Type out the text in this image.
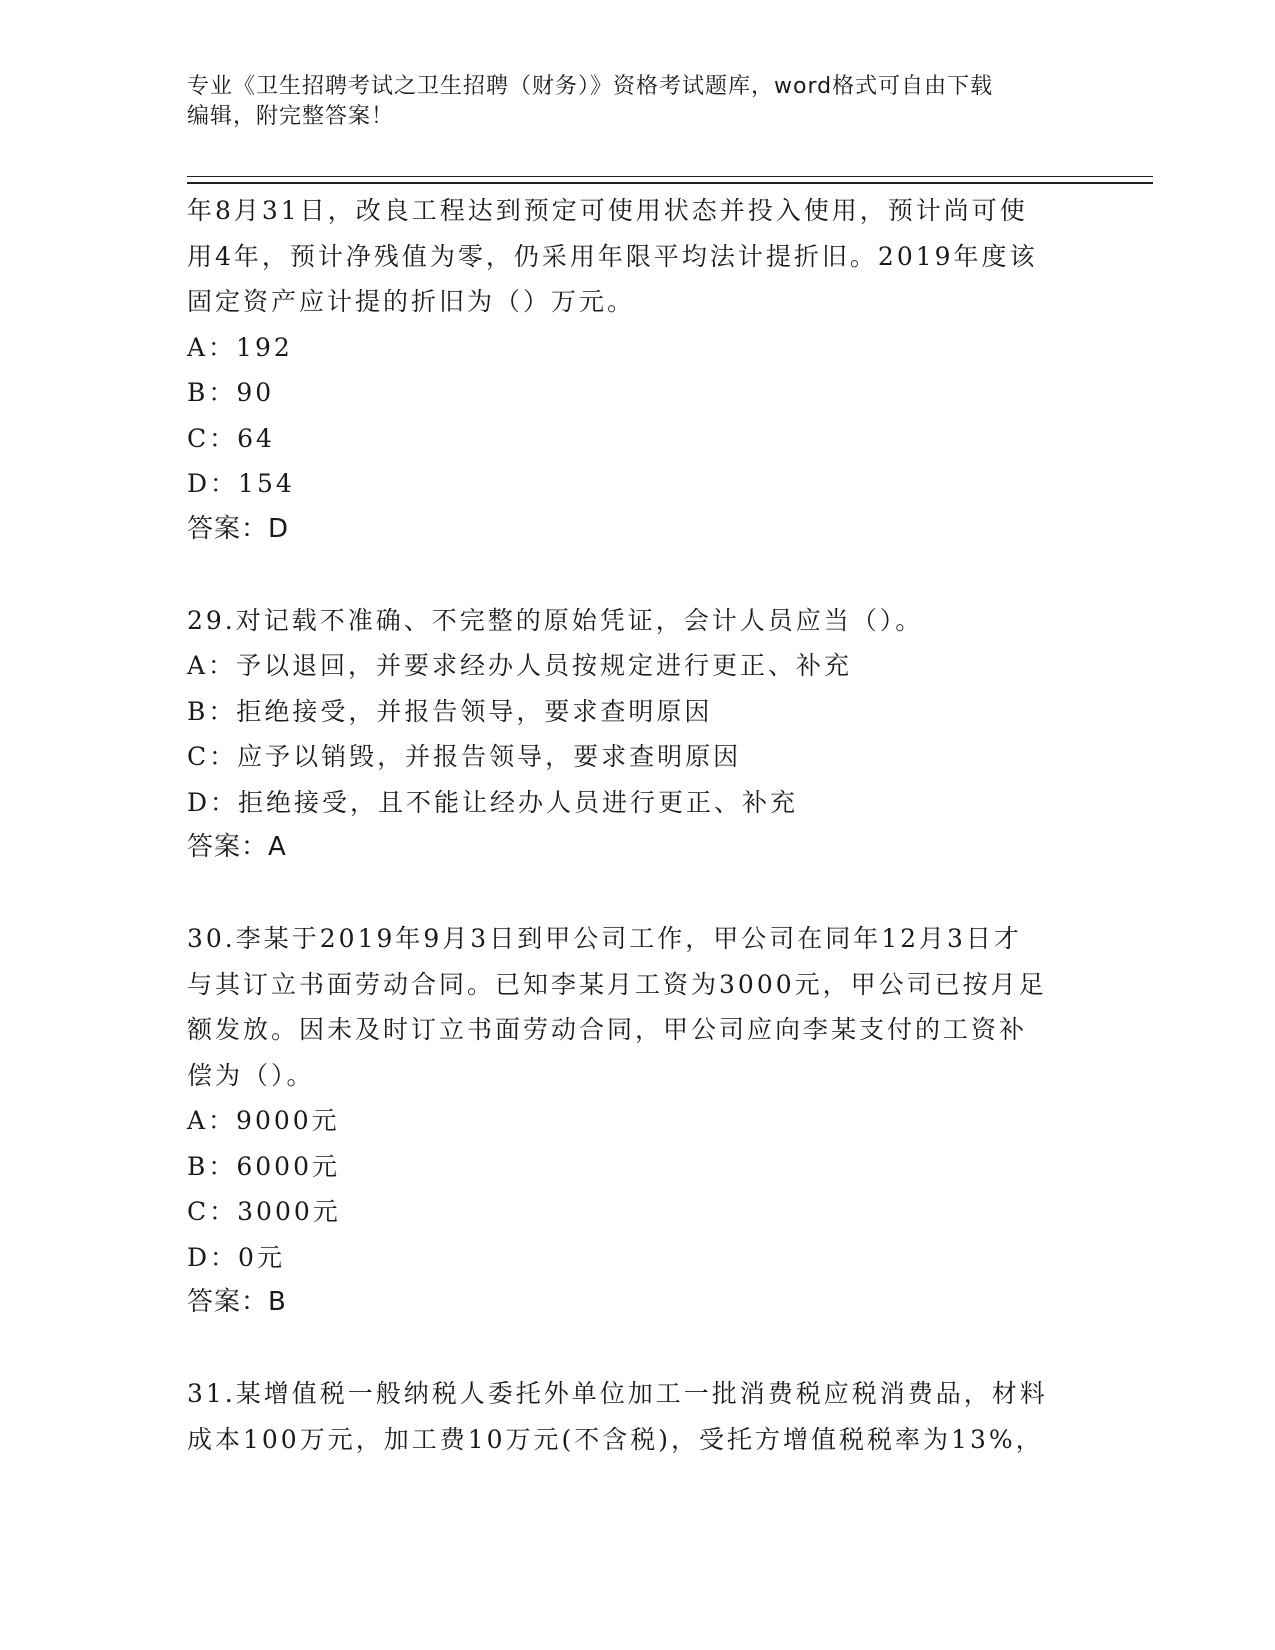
专业《卫生招聘考试之卫生招聘（财务）》资格考试题库，word格式可自由下载
编辑，附完整答案！

年8月31日，改良工程达到预定可使用状态并投入使用，预计尚可使

用4年，预计净残值为零，仍采用年限平均法计提折旧。2019年度该

固定资产应计提的折旧为（）万元。

A：192

B：90

C：64

D：154

答案：D

29.对记载不准确、不完整的原始凭证，会计人员应当（）。

A：予以退回，并要求经办人员按规定进行更正、补充

B：拒绝接受，并报告领导，要求查明原因

C：应予以销毁，并报告领导，要求查明原因

D：拒绝接受，且不能让经办人员进行更正、补充

答案：A

30.李某于2019年9月3日到甲公司工作，甲公司在同年12月3日才

与其订立书面劳动合同。已知李某月工资为3000元，甲公司已按月足

额发放。因未及时订立书面劳动合同，甲公司应向李某支付的工资补

偿为（）。

A：9000元

B：6000元

C：3000元

D：0元

答案：B

31.某增值税一般纳税人委托外单位加工一批消费税应税消费品，材料

成本100万元，加工费10万元(不含税)，受托方增值税税率为13%，
